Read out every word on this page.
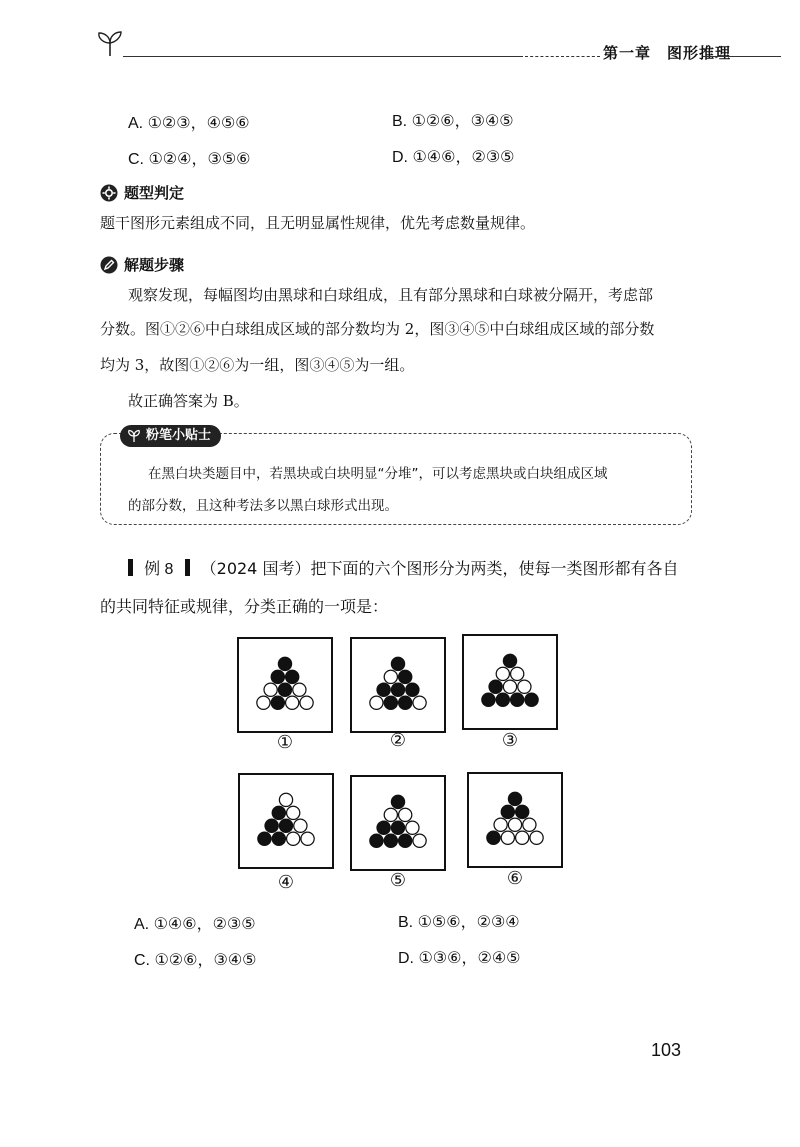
第一章　图形推理
A. ①②③，④⑤⑥	B. ①②⑥，③④⑤
C. ①②④，③⑤⑥	D. ①④⑥，②③⑤
题型判定
题干图形元素组成不同，且无明显属性规律，优先考虑数量规律。
解题步骤
观察发现，每幅图均由黑球和白球组成，且有部分黑球和白球被分隔开，考虑部
分数。图①②⑥中白球组成区域的部分数均为 2，图③④⑤中白球组成区域的部分数
均为 3，故图①②⑥为一组，图③④⑤为一组。
故正确答案为 B。
粉笔小贴士
在黑白块类题目中，若黑块或白块明显“分堆”，可以考虑黑块或白块组成区域
的部分数，且这种考法多以黑白球形式出现。
例 8 （2024 国考）把下面的六个图形分为两类，使每一类图形都有各自
的共同特征或规律，分类正确的一项是：
①	②	③
④	⑤	⑥
A. ①④⑥，②③⑤	B. ①⑤⑥，②③④
C. ①②⑥，③④⑤	D. ①③⑥，②④⑤
103
